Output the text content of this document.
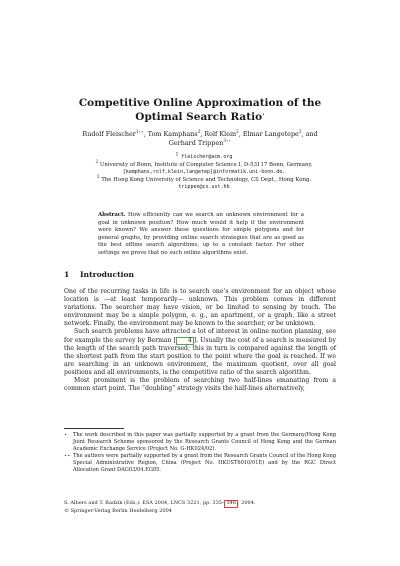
Competitive Online Approximation of the
Optimal Search Ratio⋆
Rudolf Fleischer$^{1⋆⋆}$, Tom Kamphans$^2$, Rolf Klein$^2$, Elmar Langetepe$^2$, and
Gerhard Trippen$^{3⋆⋆}$
$^1$ fleischer@acm.org
$^2$ University of Bonn, Institute of Computer Science I, D-53117 Bonn, Germany.
[kamphans,rolf.klein,langetep]@informatik.uni-bonn.de.
$^3$ The Hong Kong University of Science and Technology, CS Dept., Hong Kong.
trippen@cs.ust.hk
Abstract. How efficiently can we search an unknown environment for a goal in unknown position? How much would it help if the environment were known? We answer these questions for simple polygons and for general graphs, by providing online search strategies that are as good as the best offline search algorithms, up to a constant factor. For other settings we prove that no such online algorithms exist.
1 Introduction

One of the recurring tasks in life is to search one’s environment for an object whose location is —at least temporarily— unknown. This problem comes in different variations. The searcher may have vision, or be limited to sensing by touch. The environment may be a simple polygon, e. g., an apartment, or a graph, like a street network. Finally, the environment may be known to the searcher, or be unknown.

Such search problems have attracted a lot of interest in online motion planning, see for example the survey by Berman [ 4 ]. Usually the cost of a search is measured by the length of the search path traversed; this in turn is compared against the length of the shortest path from the start position to the point where the goal is reached. If we are searching in an unknown environment, the maximum quotient, over all goal positions and all environments, is the competitive ratio of the search algorithm.

Most prominent is the problem of searching two half-lines emanating from a common start point. The “doubling” strategy visits the half-lines alternatively,

⋆ The work described in this paper was partially supported by a grant from the Germany/Hong Kong Joint Research Scheme sponsored by the Research Grants Council of Hong Kong and the German Academic Exchange Service (Project No. G-HK024/02).
⋆⋆ The authors were partially supported by a grant from the Research Grants Council of the Hong Kong Special Administrative Region, China (Project No. HKUST6010/01E) and by the RGC Direct Allocation Grant DAG03/04.EG05.
S. Albers and T. Radzik (Eds.): ESA 2004, LNCS 3221, pp. 335– 346 , 2004.
© Springer-Verlag Berlin Heidelberg 2004
